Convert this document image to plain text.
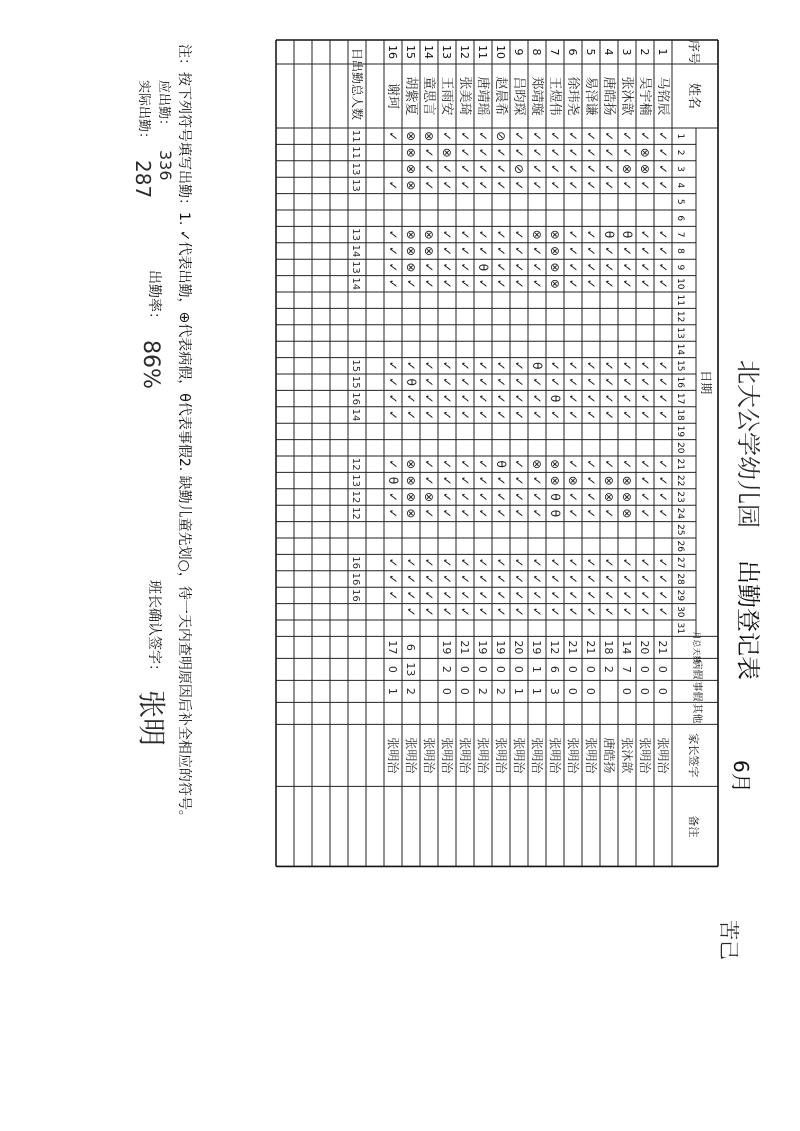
北大公学幼儿园
出勤登记表
6月
苦己
序号
姓名
日期
1
2
3
4
5
6
7
8
9
10
11
12
13
14
15
16
17
18
19
20
21
22
23
24
25
26
27
28
29
30
31
月总天数
病假
事假
其他
家长签字
备注
1
马铭辰
✓
✓
✓
✓
✓
✓
✓
✓
✓
✓
✓
✓
✓
✓
✓
✓
✓
✓
✓
✓
21
0
0
张明治
2
吴宇楠
✓
⊗
⊗
✓
✓
✓
✓
✓
✓
✓
✓
✓
✓
✓
✓
✓
✓
✓
✓
✓
20
0
0
张明治
3
张沐歆
✓
✓
⊗
✓
θ
✓
✓
✓
✓
✓
✓
✓
✓
⊗
⊗
⊗
✓
✓
✓
✓
14
7
0
张沐歆
4
唐皓扬
✓
✓
✓
✓
θ
✓
✓
✓
✓
✓
✓
✓
✓
⊗
⊗
✓
✓
✓
✓
✓
18
2
唐皓扬
5
易泽谦
✓
✓
✓
✓
✓
✓
✓
✓
✓
✓
✓
✓
✓
✓
✓
✓
✓
✓
✓
✓
21
0
0
张明治
6
徐玮尧
✓
✓
✓
✓
✓
✓
✓
✓
✓
✓
✓
✓
✓
⊗
✓
✓
✓
✓
✓
✓
21
0
0
张明治
7
王煜伟
✓
✓
✓
✓
⊗
⊗
⊗
⊗
✓
✓
θ
✓
⊗
⊗
θ
θ
✓
✓
✓
✓
12
6
3
张明治
8
郑靖璇
✓
✓
✓
✓
⊗
✓
✓
✓
θ
✓
✓
✓
⊗
✓
✓
✓
✓
✓
✓
✓
19
1
1
张明治
9
吕昀琛
✓
✓
⊘
✓
✓
✓
✓
✓
✓
✓
✓
✓
✓
✓
✓
✓
✓
✓
✓
✓
20
0
1
张明治
10
赵晨希
⊘
✓
✓
✓
✓
✓
✓
✓
✓
✓
✓
✓
θ
✓
✓
✓
✓
✓
✓
✓
19
0
2
张明治
11
唐靖瑶
✓
✓
✓
✓
✓
✓
θ
✓
✓
✓
✓
✓
✓
✓
✓
✓
✓
✓
✓
✓
19
0
2
张明治
12
张美琦
✓
✓
✓
✓
✓
✓
✓
✓
✓
✓
✓
✓
✓
✓
✓
✓
✓
✓
✓
✓
21
0
0
张明治
13
王雨安
✓
⊗
✓
✓
✓
✓
✓
✓
✓
✓
✓
✓
✓
✓
✓
✓
✓
✓
✓
✓
19
2
0
张明治
14
童思言
⊗
✓
✓
✓
⊗
⊗
✓
✓
✓
✓
✓
✓
✓
✓
⊗
✓
✓
✓
✓
✓
张明治
15
胡紫夏
⊗
⊗
⊗
⊗
⊗
⊗
⊗
✓
✓
θ
✓
✓
⊗
⊗
⊗
⊗
✓
✓
✓
✓
6
13
2
张明治
16
谢珂
✓
✓
✓
✓
✓
✓
✓
✓
✓
✓
✓
θ
✓
✓
✓
✓
✓
17
0
1
张明治
日出勤总人数
11
11
13
13
13
14
13
14
15
15
16
14
12
13
12
12
16
16
16
注：按下列符号填写出勤：1. ✓代表出勤，⊕代表病假，θ代表事假2. 缺勤儿童先划○，待一天内查明原因后补全相应的符号。
应出勤：
336
实际出勤：
287
出勤率：
86%
班长确认签字：
张明
